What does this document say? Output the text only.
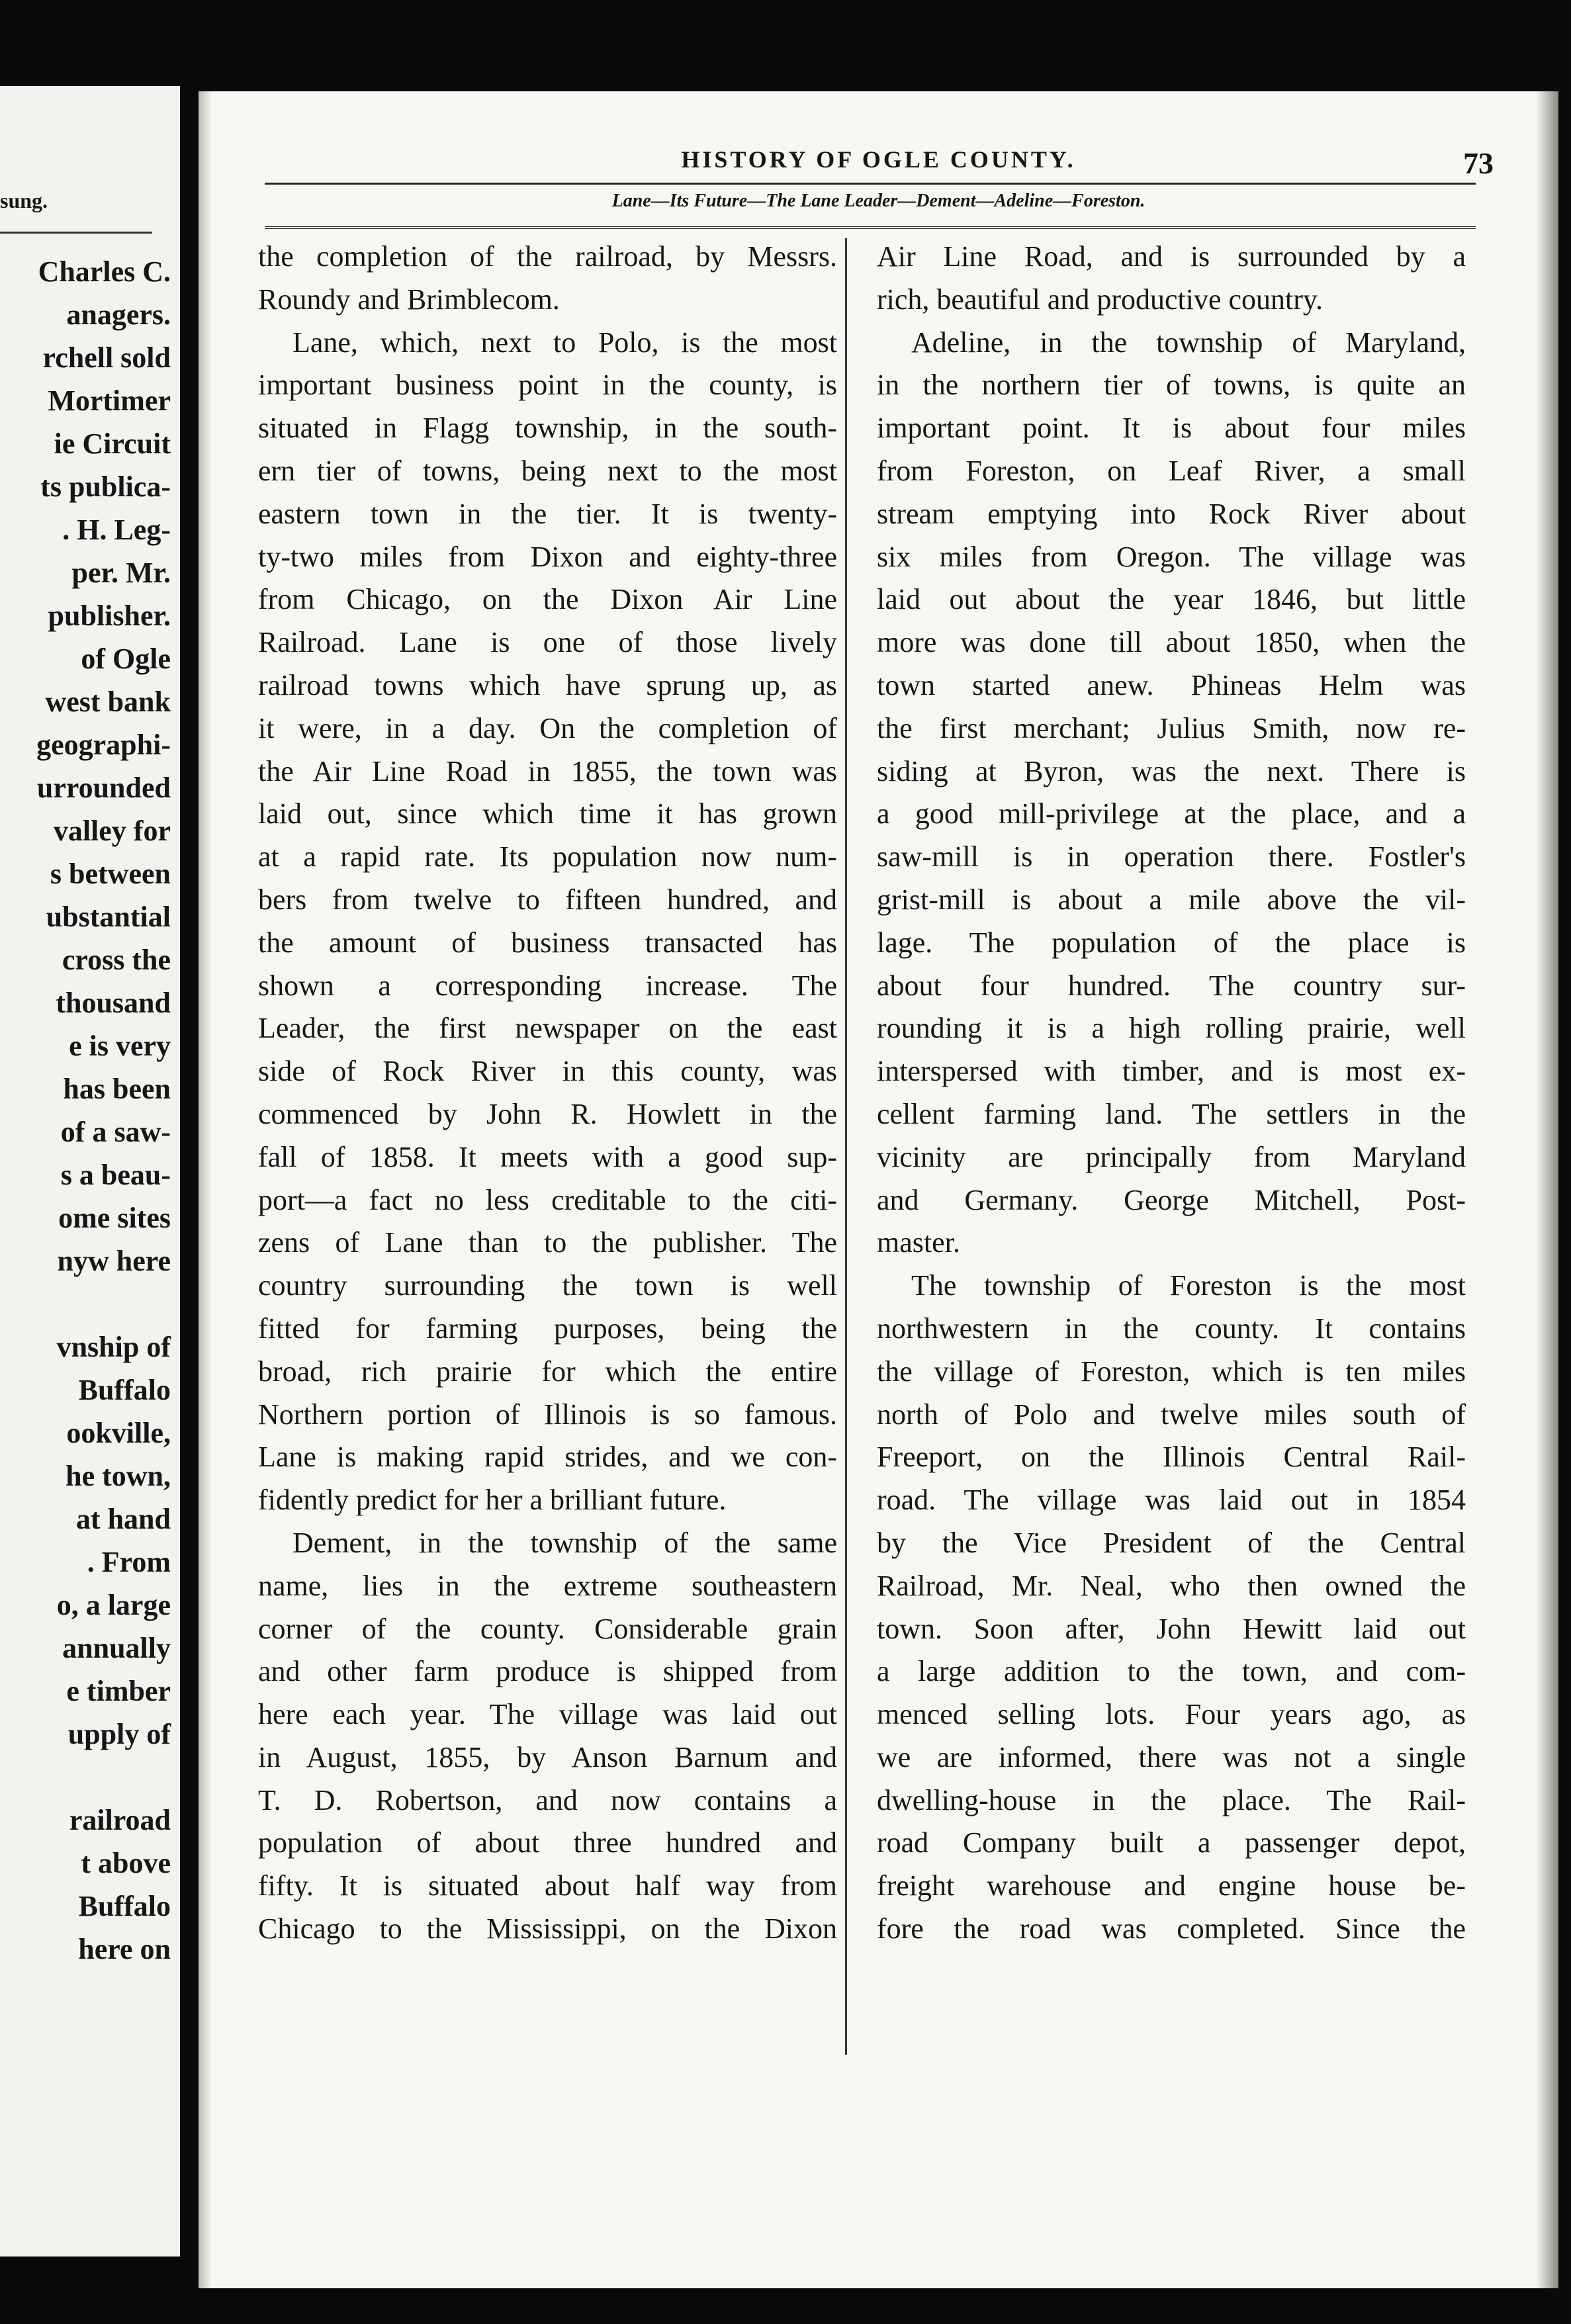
sung.
Charles C.
anagers.
rchell sold
Mortimer
ie Circuit
ts publica-
. H. Leg-
per. Mr.
publisher.
of Ogle
west bank
geographi-
urrounded
valley for
s between
ubstantial
cross the
thousand
e is very
has been
of a saw-
s a beau-
ome sites
nyw here

vnship of
Buffalo
ookville,
he town,
at hand
. From
o, a large
annually
e timber
upply of

railroad
t above
Buffalo
here on
HISTORY OF OGLE COUNTY.	73
Lane—Its Future—The Lane Leader—Dement—Adeline—Foreston.
the completion of the railroad, by Messrs.
Roundy and Brimblecom.
Lane, which, next to Polo, is the most
important business point in the county, is
situated in Flagg township, in the south-
ern tier of towns, being next to the most
eastern town in the tier. It is twenty-
ty-two miles from Dixon and eighty-three
from Chicago, on the Dixon Air Line
Railroad. Lane is one of those lively
railroad towns which have sprung up, as
it were, in a day. On the completion of
the Air Line Road in 1855, the town was
laid out, since which time it has grown
at a rapid rate. Its population now num-
bers from twelve to fifteen hundred, and
the amount of business transacted has
shown a corresponding increase. The
Leader, the first newspaper on the east
side of Rock River in this county, was
commenced by John R. Howlett in the
fall of 1858. It meets with a good sup-
port—a fact no less creditable to the citi-
zens of Lane than to the publisher. The
country surrounding the town is well
fitted for farming purposes, being the
broad, rich prairie for which the entire
Northern portion of Illinois is so famous.
Lane is making rapid strides, and we con-
fidently predict for her a brilliant future.
Dement, in the township of the same
name, lies in the extreme southeastern
corner of the county. Considerable grain
and other farm produce is shipped from
here each year. The village was laid out
in August, 1855, by Anson Barnum and
T. D. Robertson, and now contains a
population of about three hundred and
fifty. It is situated about half way from
Chicago to the Mississippi, on the Dixon
Air Line Road, and is surrounded by a
rich, beautiful and productive country.
Adeline, in the township of Maryland,
in the northern tier of towns, is quite an
important point. It is about four miles
from Foreston, on Leaf River, a small
stream emptying into Rock River about
six miles from Oregon. The village was
laid out about the year 1846, but little
more was done till about 1850, when the
town started anew. Phineas Helm was
the first merchant; Julius Smith, now re-
siding at Byron, was the next. There is
a good mill-privilege at the place, and a
saw-mill is in operation there. Fostler's
grist-mill is about a mile above the vil-
lage. The population of the place is
about four hundred. The country sur-
rounding it is a high rolling prairie, well
interspersed with timber, and is most ex-
cellent farming land. The settlers in the
vicinity are principally from Maryland
and Germany. George Mitchell, Post-
master.
The township of Foreston is the most
northwestern in the county. It contains
the village of Foreston, which is ten miles
north of Polo and twelve miles south of
Freeport, on the Illinois Central Rail-
road. The village was laid out in 1854
by the Vice President of the Central
Railroad, Mr. Neal, who then owned the
town. Soon after, John Hewitt laid out
a large addition to the town, and com-
menced selling lots. Four years ago, as
we are informed, there was not a single
dwelling-house in the place. The Rail-
road Company built a passenger depot,
freight warehouse and engine house be-
fore the road was completed. Since the
